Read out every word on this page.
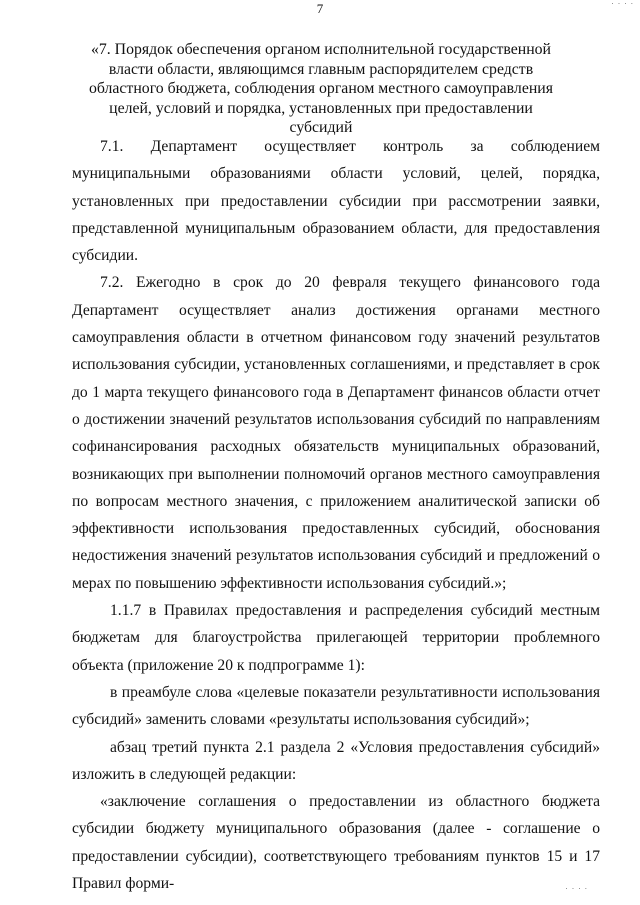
· · · ·
7
«7. Порядок обеспечения органом исполнительной государственной власти области, являющимся главным распорядителем средств областного бюджета, соблюдения органом местного самоуправления целей, условий и порядка, установленных при предоставлении субсидий

7.1. Департамент осуществляет контроль за соблюдением муниципальными образованиями области условий, целей, порядка, установленных при предоставлении субсидии при рассмотрении заявки, представленной муниципальным образованием области, для предоставления субсидии.

7.2. Ежегодно в срок до 20 февраля текущего финансового года Департамент осуществляет анализ достижения органами местного самоуправления области в отчетном финансовом году значений результатов использования субсидии, установленных соглашениями, и представляет в срок до 1 марта текущего финансового года в Департамент финансов области отчет о достижении значений результатов использования субсидий по направлениям софинансирования расходных обязательств муниципальных образований, возникающих при выполнении полномочий органов местного самоуправления по вопросам местного значения, с приложением аналитической записки об эффективности использования предоставленных субсидий, обоснования недостижения значений результатов использования субсидий и предложений о мерах по повышению эффективности использования субсидий.»;

1.1.7 в Правилах предоставления и распределения субсидий местным бюджетам для благоустройства прилегающей территории проблемного объекта (приложение 20 к подпрограмме 1):

в преамбуле слова «целевые показатели результативности использования субсидий» заменить словами «результаты использования субсидий»;

абзац третий пункта 2.1 раздела 2 «Условия предоставления субсидий» изложить в следующей редакции:

«заключение соглашения о предоставлении из областного бюджета субсидии бюджету муниципального образования (далее - соглашение о предоставлении субсидии), соответствующего требованиям пунктов 15 и 17 Правил форми-	· · · ·
